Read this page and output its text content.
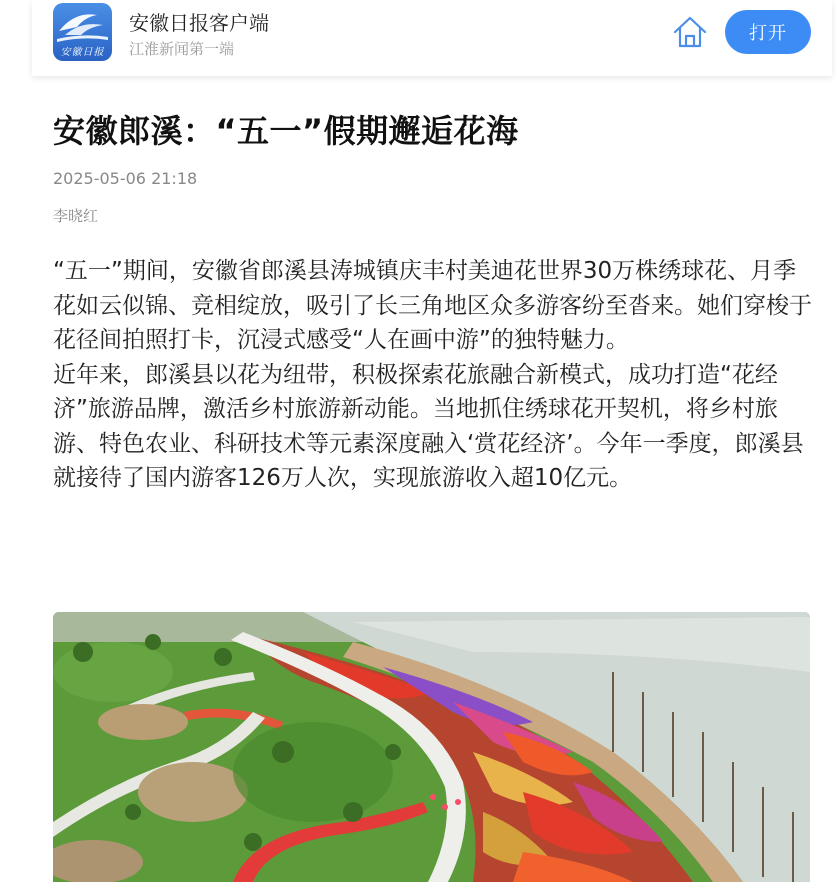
安徽日报
安徽日报客户端
江淮新闻第一端
打开
安徽郎溪：“五一”假期邂逅花海
2025-05-06 21:18
李晓红

“五一”期间，安徽省郎溪县涛城镇庆丰村美迪花世界30万株绣球花、月季花如云似锦、竞相绽放，吸引了长三角地区众多游客纷至沓来。她们穿梭于花径间拍照打卡，沉浸式感受“人在画中游”的独特魅力。

近年来，郎溪县以花为纽带，积极探索花旅融合新模式，成功打造“花经济”旅游品牌，激活乡村旅游新动能。当地抓住绣球花开契机，将乡村旅游、特色农业、科研技术等元素深度融入‘赏花经济’。今年一季度，郎溪县就接待了国内游客126万人次，实现旅游收入超10亿元。
